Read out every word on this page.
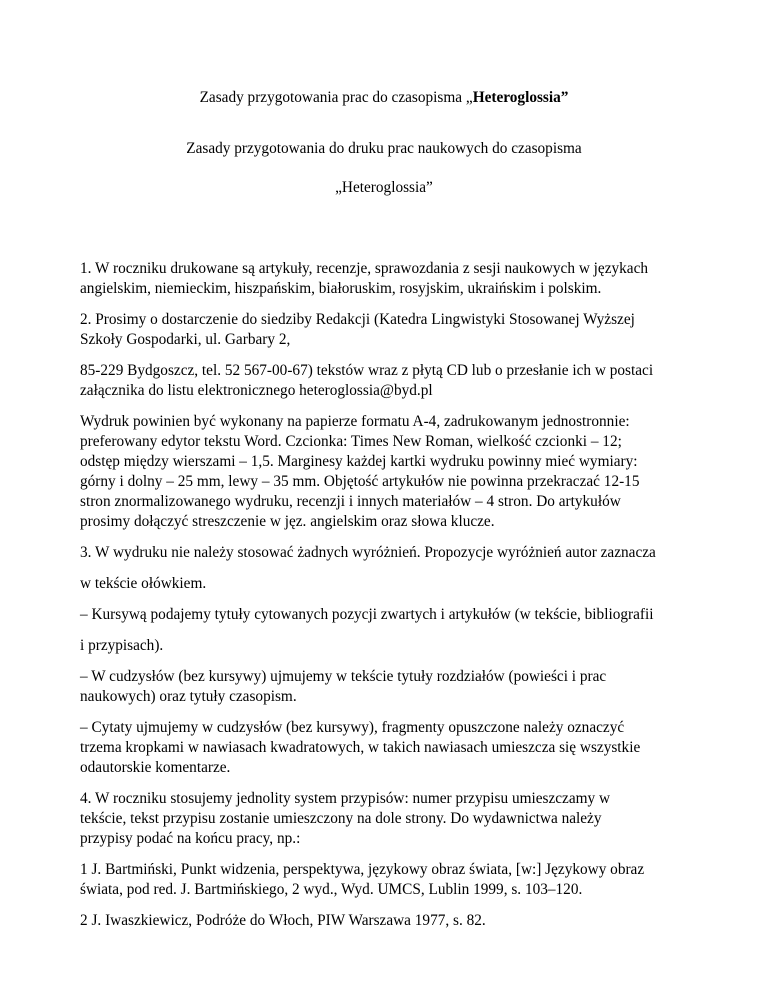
Zasady przygotowania prac do czasopisma „Heteroglossia”

Zasady przygotowania do druku prac naukowych do czasopisma

„Heteroglossia”

1. W roczniku drukowane są artykuły, recenzje, sprawozdania z sesji naukowych w językach
angielskim, niemieckim, hiszpańskim, białoruskim, rosyjskim, ukraińskim i polskim.

2. Prosimy o dostarczenie do siedziby Redakcji (Katedra Lingwistyki Stosowanej Wyższej
Szkoły Gospodarki, ul. Garbary 2,

85-229 Bydgoszcz, tel. 52 567-00-67) tekstów wraz z płytą CD lub o przesłanie ich w postaci
załącznika do listu elektronicznego heteroglossia@byd.pl

Wydruk powinien być wykonany na papierze formatu A-4, zadrukowanym jednostronnie:
preferowany edytor tekstu Word. Czcionka: Times New Roman, wielkość czcionki – 12;
odstęp między wierszami – 1,5. Marginesy każdej kartki wydruku powinny mieć wymiary:
górny i dolny – 25 mm, lewy – 35 mm. Objętość artykułów nie powinna przekraczać 12-15
stron znormalizowanego wydruku, recenzji i innych materiałów – 4 stron. Do artykułów
prosimy dołączyć streszczenie w jęz. angielskim oraz słowa klucze.

3. W wydruku nie należy stosować żadnych wyróżnień. Propozycje wyróżnień autor zaznacza

w tekście ołówkiem.

– Kursywą podajemy tytuły cytowanych pozycji zwartych i artykułów (w tekście, bibliografii

i przypisach).

– W cudzysłów (bez kursywy) ujmujemy w tekście tytuły rozdziałów (powieści i prac
naukowych) oraz tytuły czasopism.

– Cytaty ujmujemy w cudzysłów (bez kursywy), fragmenty opuszczone należy oznaczyć
trzema kropkami w nawiasach kwadratowych, w takich nawiasach umieszcza się wszystkie
odautorskie komentarze.

4. W roczniku stosujemy jednolity system przypisów: numer przypisu umieszczamy w
tekście, tekst przypisu zostanie umieszczony na dole strony. Do wydawnictwa należy
przypisy podać na końcu pracy, np.:

1 J. Bartmiński, Punkt widzenia, perspektywa, językowy obraz świata, [w:] Językowy obraz
świata, pod red. J. Bartmińskiego, 2 wyd., Wyd. UMCS, Lublin 1999, s. 103–120.

2 J. Iwaszkiewicz, Podróże do Włoch, PIW Warszawa 1977, s. 82.
